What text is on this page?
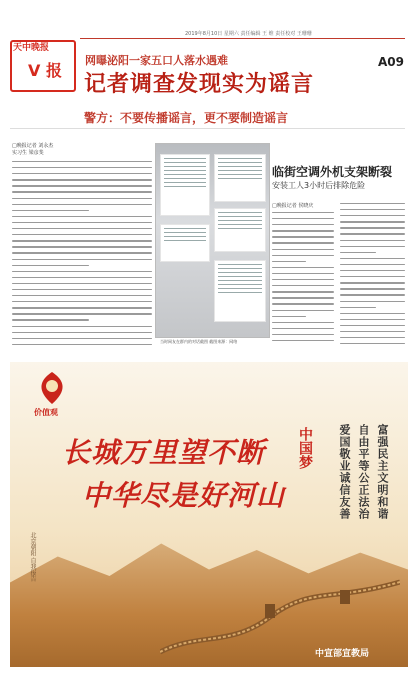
天中晚报
V 报
2019年8月10日 星期六 责任编辑 王 维 责任校对 王珊珊
A09
网曝泌阳一家五口人落水遇难
记者调查发现实为谣言
警方：不要传播谣言，更不要制造谣言
□晚报记者 刘永杰
实习生 梁彦斐
当时网友在群内的对话截图 截图来源：网络
临街空调外机支架断裂
安装工人3小时后排除危险
□晚报记者 侯晓庆
价值观
长城万里望不断
中华尽是好河山
中国梦	富强民主文明和谐
自由平等公正法治
爱国敬业诚信友善
北京朝阳 自我报告
中宣部宣教局
